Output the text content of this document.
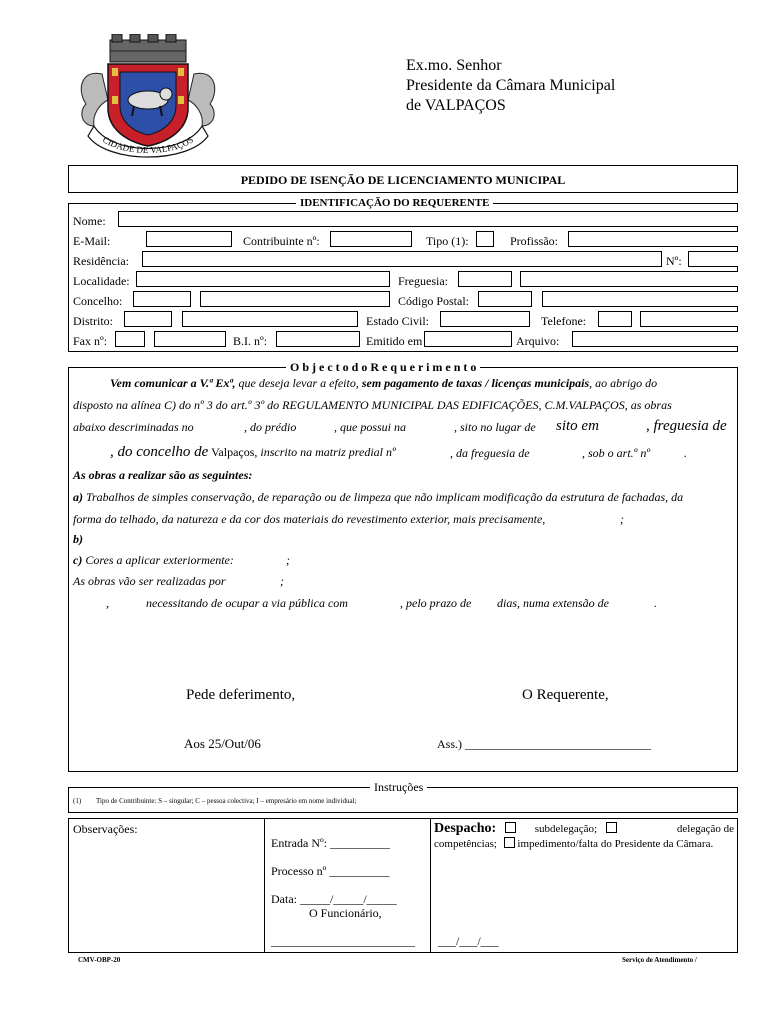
CIDADE DE VALPAÇOS
Ex.mo. Senhor
Presidente da Câmara Municipal
de VALPAÇOS
PEDIDO DE ISENÇÃO DE LICENCIAMENTO MUNICIPAL
IDENTIFICAÇÃO DO REQUERENTE
Nome:
E-Mail:	Contribuinte nº:	Tipo (1):	Profissão:
Residência:	Nº:
Localidade:	Freguesia:
Concelho:	Código Postal:
Distrito:	Estado Civil:	Telefone:
Fax nº:	B.I. nº:	Emitido em	Arquivo:
O b j e c t o d o R e q u e r i m e n t o
Vem comunicar a V.ª Exª, que deseja levar a efeito, sem pagamento de taxas / licenças municipais, ao abrigo do
disposto na alínea C) do nº 3 do art.º 3º do REGULAMENTO MUNICIPAL DAS EDIFICAÇÕES, C.M.VALPAÇOS, as obras
abaixo descriminadas no	, do prédio	, que possui na	, sito no lugar de sito em	, freguesia de
, do concelho de Valpaços, inscrito na matriz predial nº	, da freguesia de	, sob o art.º nº	.
As obras a realizar são as seguintes:
a) Trabalhos de simples conservação, de reparação ou de limpeza que não implicam modificação da estrutura de fachadas, da
forma do telhado, da natureza e da cor dos materiais do revestimento exterior, mais precisamente,	;
b)
c) Cores a aplicar exteriormente:	;
As obras vão ser realizadas por	;
,	necessitando de ocupar a via pública com	, pelo prazo de dias, numa extensão de	.
Pede deferimento,	O Requerente,
Aos 25/Out/06	Ass.) _______________________________
Instruções
(1) Tipo de Contribuinte: S – singular; C – pessoa colectiva; I – empresário em nome individual;
Observações:
Entrada Nº: __________
Processo nº __________
Data: _____/_____/_____
O Funcionário,
________________________
Despacho:	subdelegação;	delegação de
competências; impedimento/falta do Presidente da Câmara.
___/___/___
CMV-OBP-20	Serviço de Atendimento /
